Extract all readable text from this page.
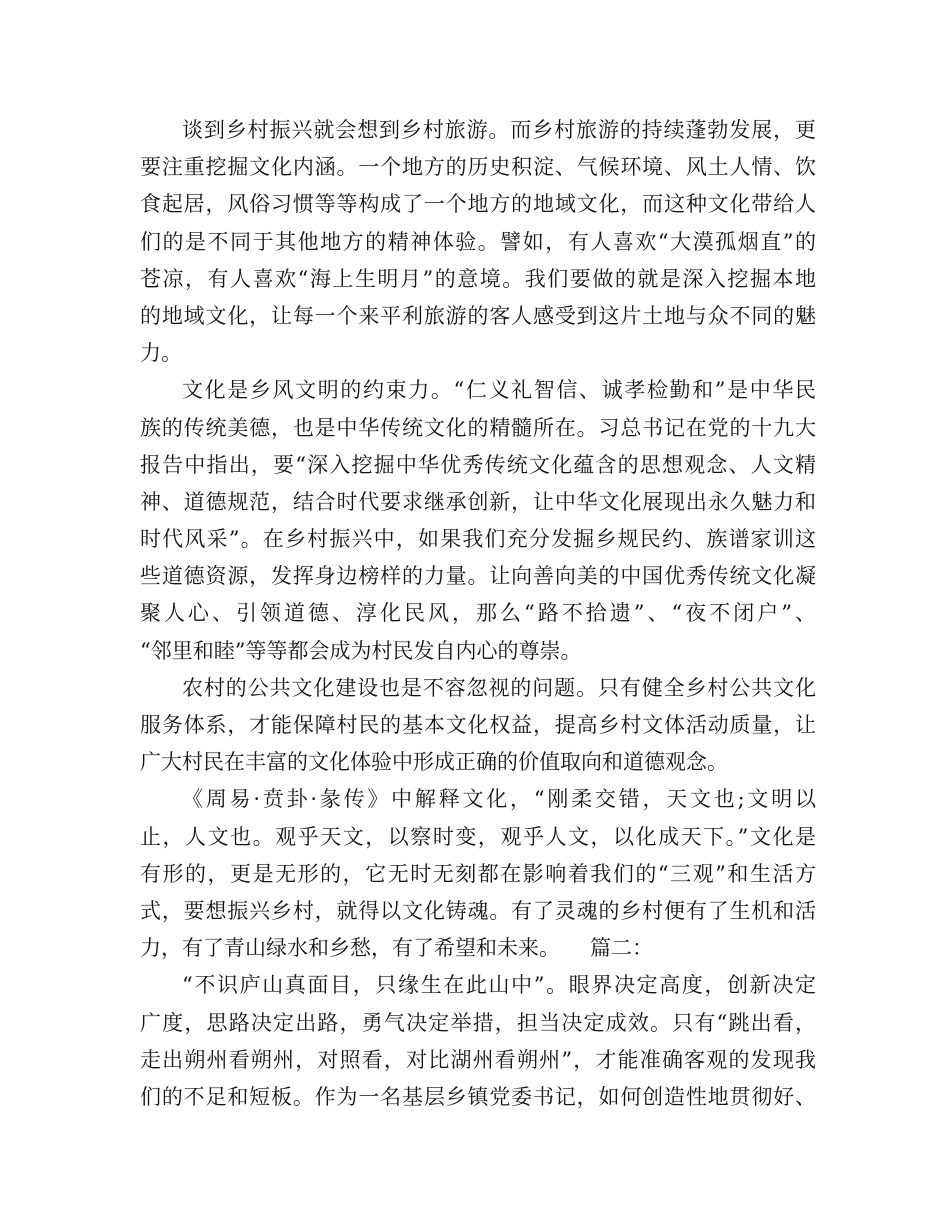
谈到乡村振兴就会想到乡村旅游。而乡村旅游的持续蓬勃发展，更
要注重挖掘文化内涵。一个地方的历史积淀、气候环境、风土人情、饮
食起居，风俗习惯等等构成了一个地方的地域文化，而这种文化带给人
们的是不同于其他地方的精神体验。譬如，有人喜欢“大漠孤烟直”的
苍凉，有人喜欢“海上生明月”的意境。我们要做的就是深入挖掘本地
的地域文化，让每一个来平利旅游的客人感受到这片土地与众不同的魅
力。
文化是乡风文明的约束力。“仁义礼智信、诚孝检勤和”是中华民
族的传统美德，也是中华传统文化的精髓所在。习总书记在党的十九大
报告中指出，要“深入挖掘中华优秀传统文化蕴含的思想观念、人文精
神、道德规范，结合时代要求继承创新，让中华文化展现出永久魅力和
时代风采”。在乡村振兴中，如果我们充分发掘乡规民约、族谱家训这
些道德资源，发挥身边榜样的力量。让向善向美的中国优秀传统文化凝
聚人心、引领道德、淳化民风，那么“路不拾遗”、“夜不闭户”、
“邻里和睦”等等都会成为村民发自内心的尊崇。
农村的公共文化建设也是不容忽视的问题。只有健全乡村公共文化
服务体系，才能保障村民的基本文化权益，提高乡村文体活动质量，让
广大村民在丰富的文化体验中形成正确的价值取向和道德观念。
《周易·贲卦·彖传》中解释文化，“刚柔交错，天文也;文明以
止，人文也。观乎天文，以察时变，观乎人文，以化成天下。”文化是
有形的，更是无形的，它无时无刻都在影响着我们的“三观”和生活方
式，要想振兴乡村，就得以文化铸魂。有了灵魂的乡村便有了生机和活
力，有了青山绿水和乡愁，有了希望和未来。 篇二：
“不识庐山真面目，只缘生在此山中”。眼界决定高度，创新决定
广度，思路决定出路，勇气决定举措，担当决定成效。只有“跳出看，
走出朔州看朔州，对照看，对比湖州看朔州”，才能准确客观的发现我
们的不足和短板。作为一名基层乡镇党委书记，如何创造性地贯彻好、
